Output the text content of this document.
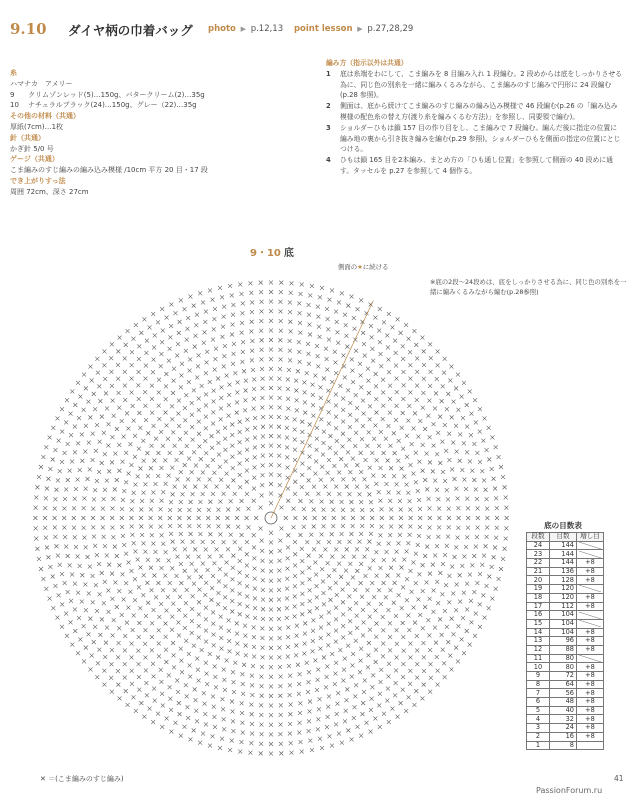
9.10 ダイヤ柄の巾着バッグ photo ▶ p.12,13 point lesson ▶ p.27,28,29
糸
ハマナカ　アメリー
9 クリムゾンレッド(5)…150g、バタークリーム(2)…35g
10 ナチュラルブラック(24)…150g、グレー（22)…35g
その他の材料（共通）
厚紙(7cm)…1枚
針（共通）
かぎ針 5/0 号
ゲージ（共通）
こま編みのすじ編みの編み込み模様 /10cm 平方 20 目・17 段
でき上がりすっ法
周囲 72cm、深さ 27cm
編み方（指示以外は共通）
1 底は糸端をわにして、こま編みを 8 目編み入れ 1 段編む。2 段めからは底をしっかりさせる為に、同じ色の別糸を一緒に編みくるみながら、こま編みのすじ編みで円形に 24 段編む(p.28 参照)。
2 側面は、底から続けてこま編みのすじ編みの編み込み模様で 46 段編む(p.26 の「編み込み模様の配色糸の替え方(渡り糸を編みくるむ方法)」を参照し、同要領で編む)。
3 ショルダーひもは鎖 157 目の作り目をし、こま編みで 7 段編む。編んだ後に指定の位置に編み地の裏から引き抜き編みを編む(p.29 参照)。ショルダーひもを側面の指定の位置にとじつける。
4 ひもは鎖 165 目を2本編み、まとめ方の「ひも通し位置」を参照して側面の 40 段めに通す。タッセルを p.27 を参照して 4 個作る。
9・10 底
側面の★に続ける
※底の2段～24段めは、底をしっかりさせる為に、同じ色の別糸を一緒に編みくるみながら編む(p.28参照)
✕ ＝(こま編みのすじ編み)
底の目数表
段数	目数	増し目
24	144	

23	144	

22	144	+8
21	136	+8
20	128	+8
19	120	

18	120	+8
17	112	+8
16	104	

15	104	

14	104	+8
13	96	+8
12	88	+8
11	80	

10	80	+8
9	72	+8
8	64	+8
7	56	+8
6	48	+8
5	40	+8
4	32	+8
3	24	+8
2	16	+8
1	8	
41
PassionForum.ru
